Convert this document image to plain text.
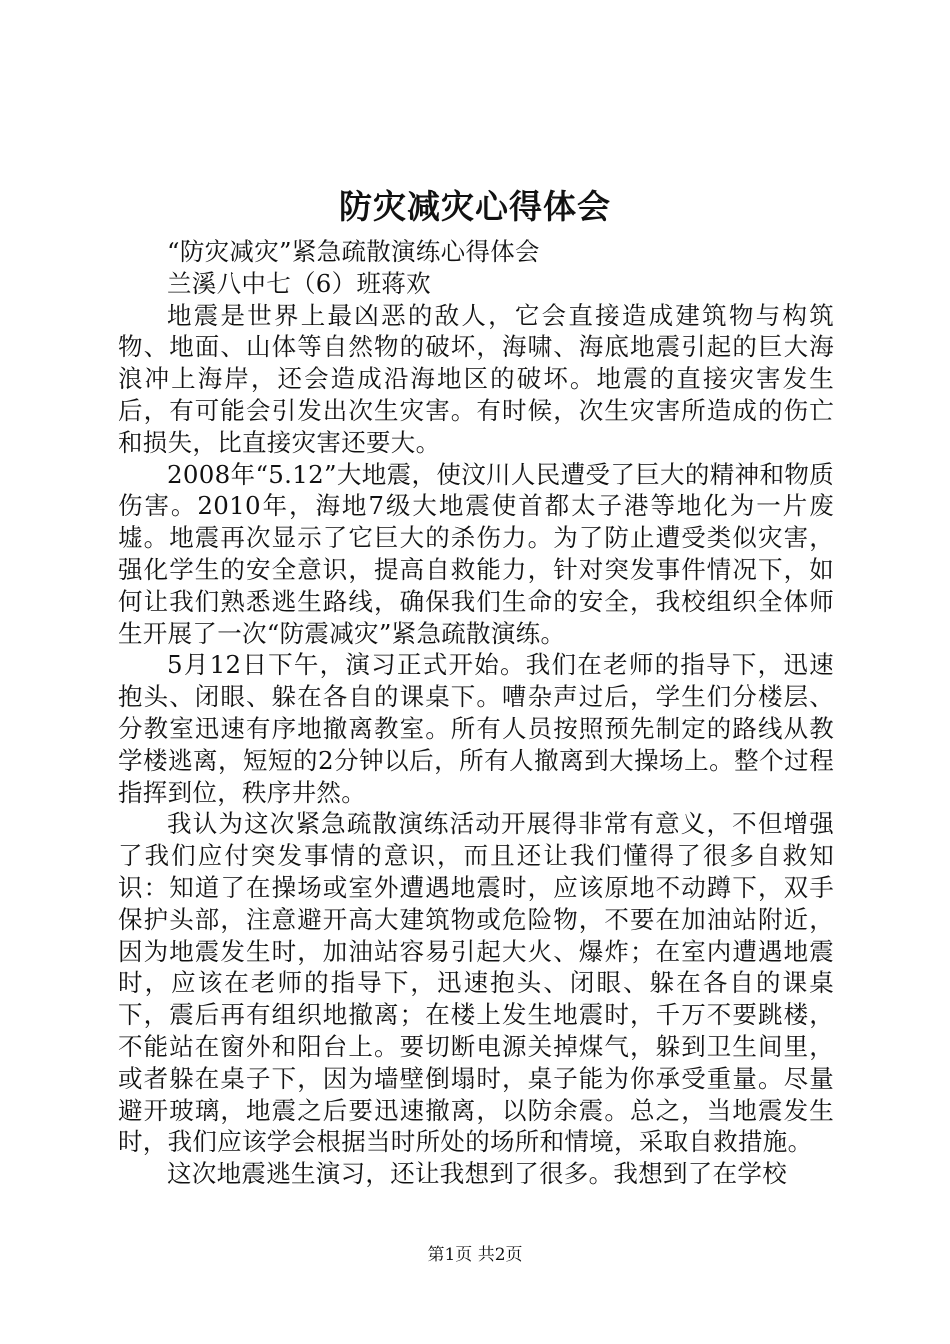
防灾减灾心得体会

“防灾减灾”紧急疏散演练心得体会

兰溪八中七（6）班蒋欢

地震是世界上最凶恶的敌人，它会直接造成建筑物与构筑物、地面、山体等自然物的破坏，海啸、海底地震引起的巨大海浪冲上海岸，还会造成沿海地区的破坏。地震的直接灾害发生后，有可能会引发出次生灾害。有时候，次生灾害所造成的伤亡和损失，比直接灾害还要大。

2008年“5.12”大地震，使汶川人民遭受了巨大的精神和物质伤害。2010年，海地7级大地震使首都太子港等地化为一片废墟。地震再次显示了它巨大的杀伤力。为了防止遭受类似灾害，强化学生的安全意识，提高自救能力，针对突发事件情况下，如何让我们熟悉逃生路线，确保我们生命的安全，我校组织全体师生开展了一次“防震减灾”紧急疏散演练。

5月12日下午，演习正式开始。我们在老师的指导下，迅速抱头、闭眼、躲在各自的课桌下。嘈杂声过后，学生们分楼层、分教室迅速有序地撤离教室。所有人员按照预先制定的路线从教学楼逃离，短短的2分钟以后，所有人撤离到大操场上。整个过程指挥到位，秩序井然。

我认为这次紧急疏散演练活动开展得非常有意义，不但增强了我们应付突发事情的意识，而且还让我们懂得了很多自救知识：知道了在操场或室外遭遇地震时，应该原地不动蹲下，双手保护头部，注意避开高大建筑物或危险物，不要在加油站附近，因为地震发生时，加油站容易引起大火、爆炸；在室内遭遇地震时，应该在老师的指导下，迅速抱头、闭眼、躲在各自的课桌下，震后再有组织地撤离；在楼上发生地震时，千万不要跳楼，不能站在窗外和阳台上。要切断电源关掉煤气，躲到卫生间里，或者躲在桌子下，因为墙壁倒塌时，桌子能为你承受重量。尽量避开玻璃，地震之后要迅速撤离，以防余震。总之，当地震发生时，我们应该学会根据当时所处的场所和情境，采取自救措施。

这次地震逃生演习，还让我想到了很多。我想到了在学校

第1页 共2页
